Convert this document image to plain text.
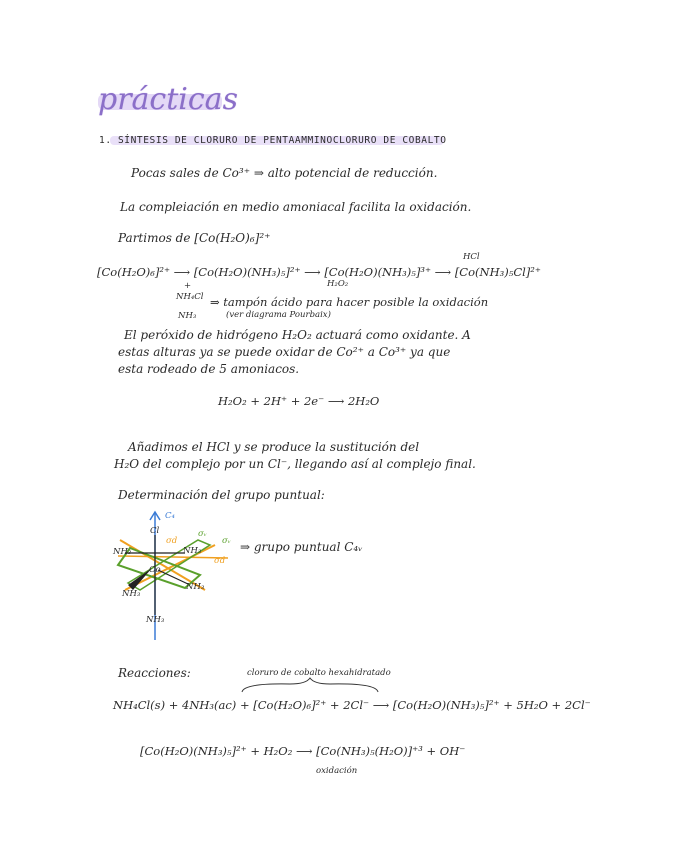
prácticas
1. SÍNTESIS DE CLORURO DE PENTAAMMINOCLORURO DE COBALTO
Pocas sales de Co³⁺ ⇒ alto potencial de reducción.
La compleiación en medio amoniacal facilita la oxidación.
Partimos de [Co(H₂O)₆]²⁺
[Co(H₂O)₆]²⁺ ⟶ [Co(H₂O)(NH₃)₅]²⁺ ⟶ [Co(H₂O)(NH₃)₅]³⁺ ⟶ [Co(NH₃)₅Cl]²⁺
HCl
H₂O₂
+
NH₄Cl
NH₃
⇒ tampón ácido para hacer posible la oxidación
(ver diagrama Pourbaix)
El peróxido de hidrógeno H₂O₂ actuará como oxidante. A
estas alturas ya se puede oxidar de Co²⁺ a Co³⁺ ya que
esta rodeado de 5 amoniacos.
H₂O₂ + 2H⁺ + 2e⁻ ⟶ 2H₂O
Añadimos el HCl y se produce la sustitución del
H₂O del complejo por un Cl⁻, llegando así al complejo final.
Determinación del grupo puntual:
C₄
Cl
Co
NH₃	NH₃
NH₃
NH₃
NH₃
σᵥ
σᵥ
σd
σd
⇒ grupo puntual C₄ᵥ
Reacciones:	cloruro de cobalto hexahidratado
NH₄Cl(s) + 4NH₃(ac) + [Co(H₂O)₆]²⁺ + 2Cl⁻ ⟶ [Co(H₂O)(NH₃)₅]²⁺ + 5H₂O + 2Cl⁻
[Co(H₂O)(NH₃)₅]²⁺ + H₂O₂ ⟶ [Co(NH₃)₅(H₂O)]⁺³ + OH⁻
oxidación
